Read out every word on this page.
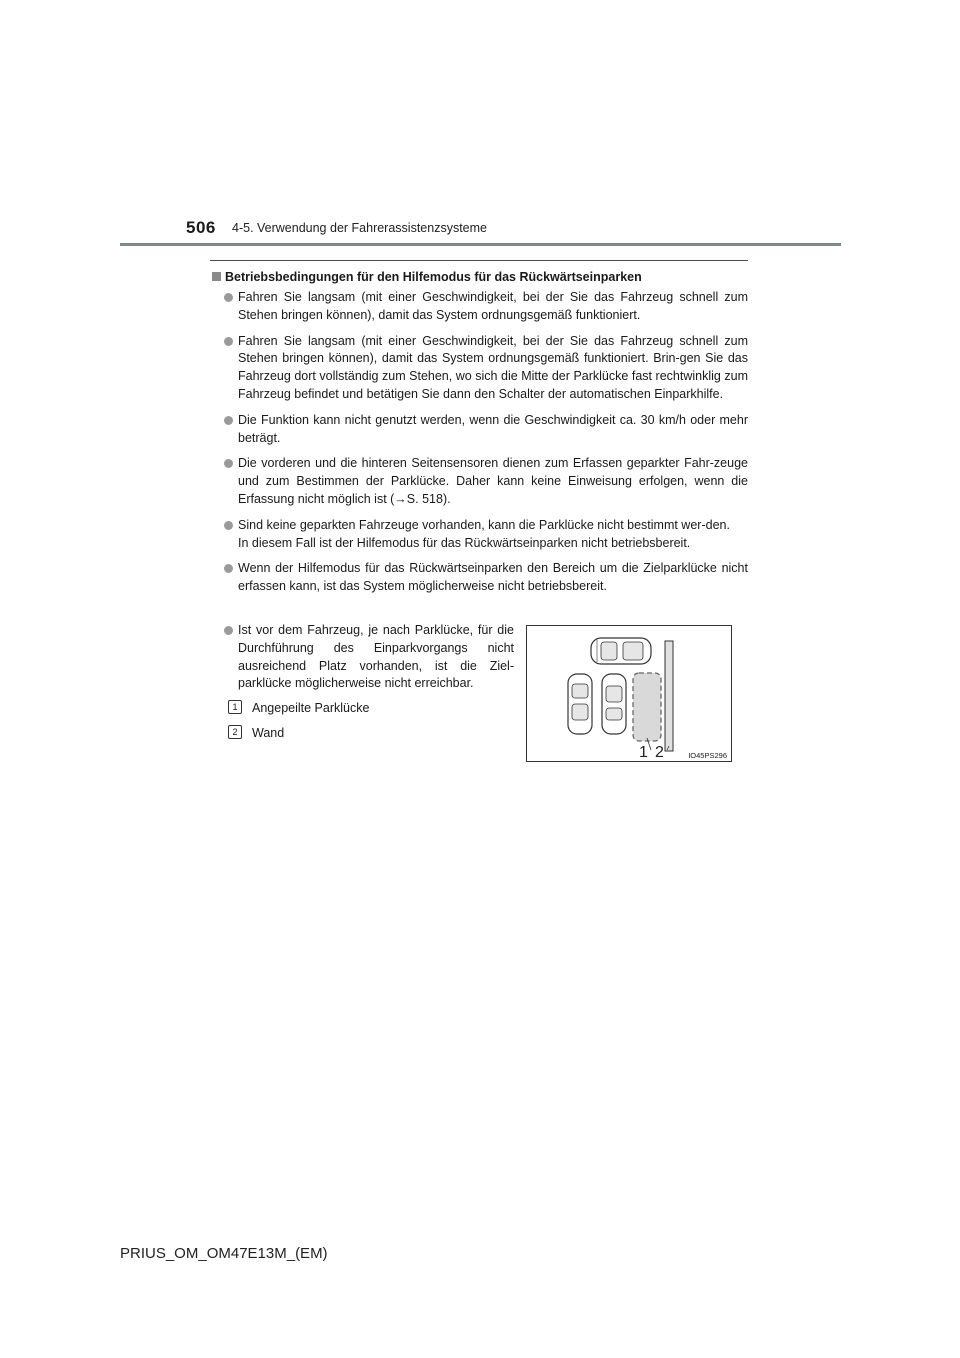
506 4-5. Verwendung der Fahrerassistenzsysteme
Betriebsbedingungen für den Hilfemodus für das Rückwärtseinparken

Fahren Sie langsam (mit einer Geschwindigkeit, bei der Sie das Fahrzeug schnell zum Stehen bringen können), damit das System ordnungsgemäß funktioniert.

Fahren Sie langsam (mit einer Geschwindigkeit, bei der Sie das Fahrzeug schnell zum Stehen bringen können), damit das System ordnungsgemäß funktioniert. Brin-gen Sie das Fahrzeug dort vollständig zum Stehen, wo sich die Mitte der Parklücke fast rechtwinklig zum Fahrzeug befindet und betätigen Sie dann den Schalter der automatischen Einparkhilfe.

Die Funktion kann nicht genutzt werden, wenn die Geschwindigkeit ca. 30 km/h oder mehr beträgt.

Die vorderen und die hinteren Seitensensoren dienen zum Erfassen geparkter Fahr-zeuge und zum Bestimmen der Parklücke. Daher kann keine Einweisung erfolgen, wenn die Erfassung nicht möglich ist (→S. 518).

Sind keine geparkten Fahrzeuge vorhanden, kann die Parklücke nicht bestimmt wer-den.

In diesem Fall ist der Hilfemodus für das Rückwärtseinparken nicht betriebsbereit.

Wenn der Hilfemodus für das Rückwärtseinparken den Bereich um die Zielparklücke nicht erfassen kann, ist das System möglicherweise nicht betriebsbereit.

Ist vor dem Fahrzeug, je nach Parklücke, für die Durchführung des Einparkvorgangs nicht ausreichend Platz vorhanden, ist die Ziel-parklücke möglicherweise nicht erreichbar.
1	Angepeilte Parklücke
2	Wand
1 2	IO45PS296
PRIUS_OM_OM47E13M_(EM)
